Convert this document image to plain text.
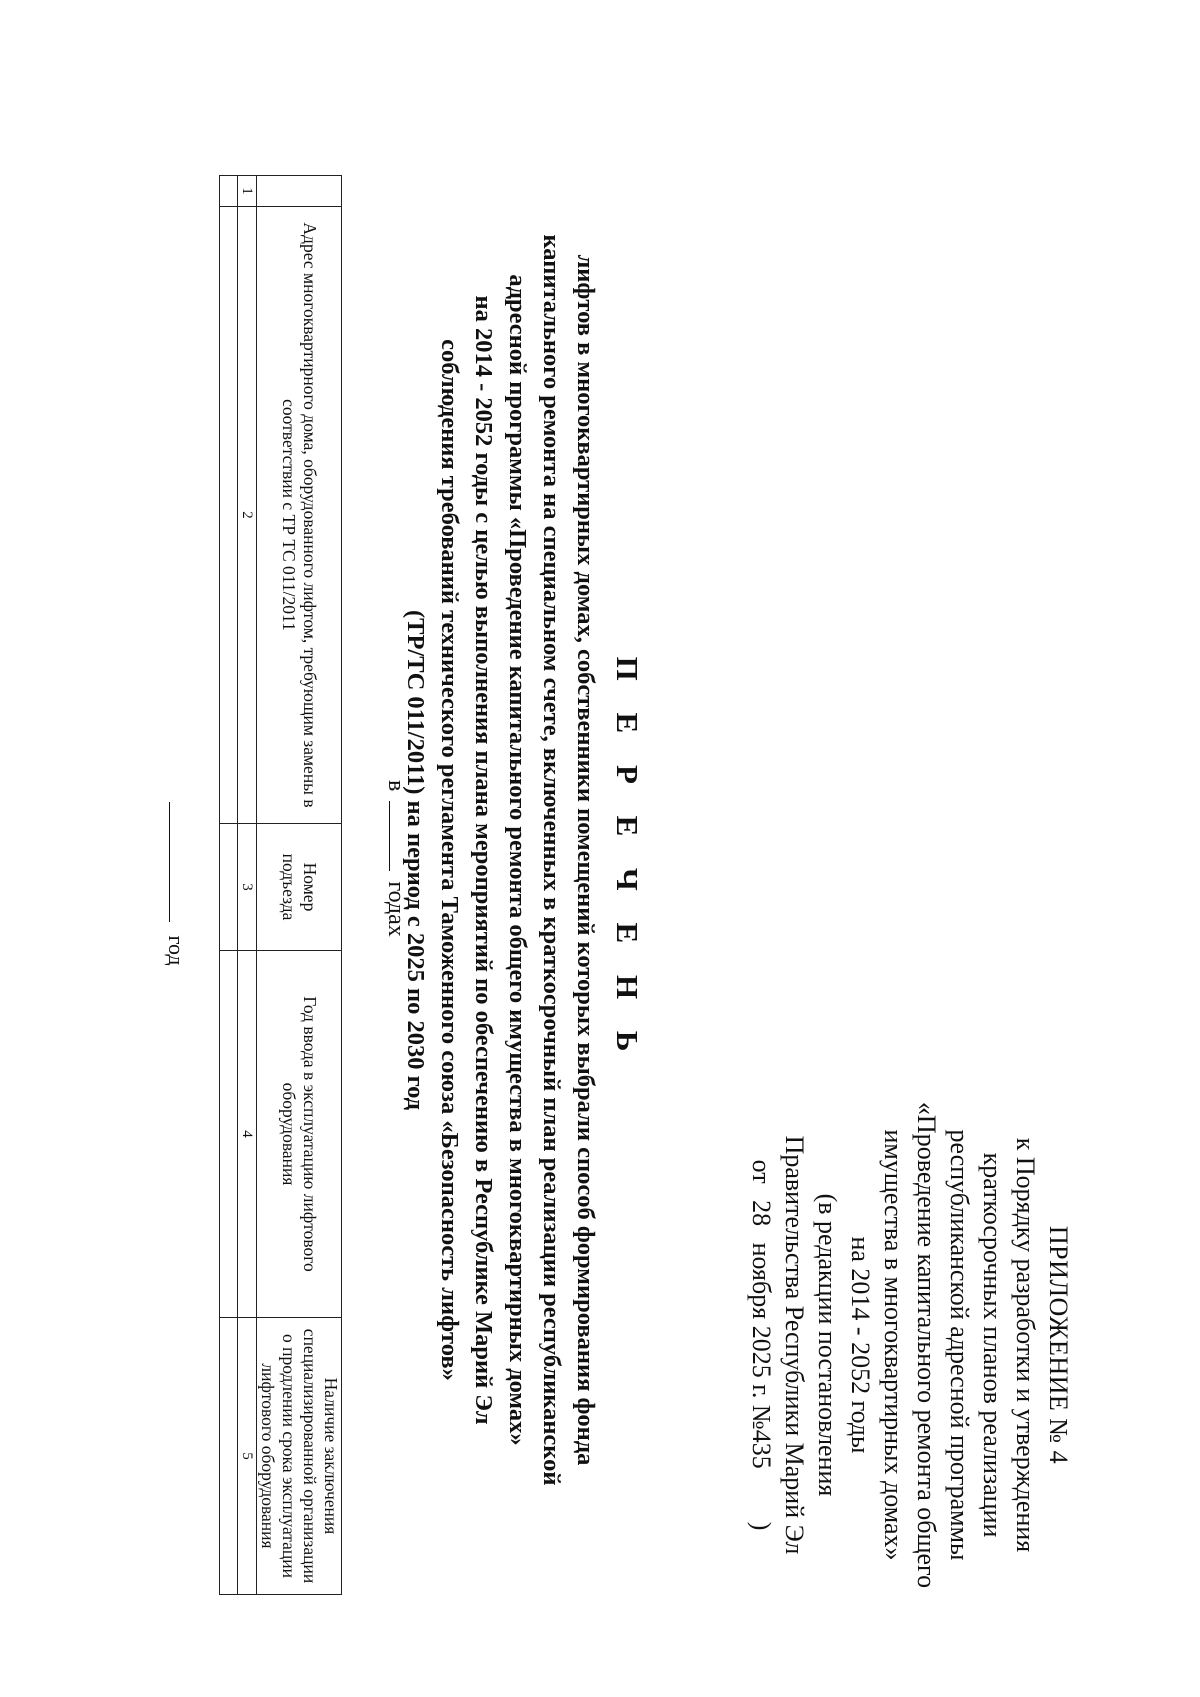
ПРИЛОЖЕНИЕ № 4
к Порядку разработки и утверждения
краткосрочных планов реализации
республиканской адресной программы
«Проведение капитального ремонта общего
имущества в многоквартирных домах»
на 2014 - 2052 годы
(в редакции постановления
Правительства Республики Марий Эл
от 28 ноября 2025 г. №435  )
П Е Р Е Ч Е Н Ь
лифтов в многоквартирных домах, собственники помещений которых выбрали способ формирования фонда
капитального ремонта на специальном счете, включенных в краткосрочный план реализации республиканской
адресной программы «Проведение капитального ремонта общего имущества в многоквартирных домах»
на 2014 - 2052 годы с целью выполнения плана мероприятий по обеспечению в Республике Марий Эл
соблюдения требований технического регламента Таможенного союза «Безопасность лифтов»
(ТР/ТС 011/2011) на период с 2025 по 2030 год
в  годах
	Адрес многоквартирного дома, оборудованного лифтом, требующим замены в соответствии с ТР ТС 011/2011	Номер подъезда	Год ввода в эксплуатацию лифтового оборудования	Наличие заключения специализированной организации о продлении срока эксплуатации лифтового оборудования
1	2	3	4	5

год
